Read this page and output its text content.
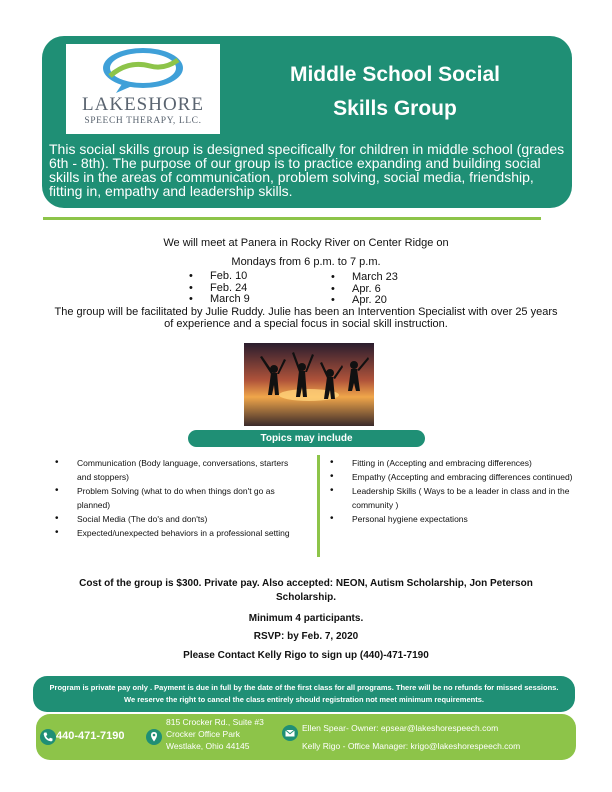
LAKESHORE
SPEECH THERAPY, LLC.
Middle School Social
Skills Group
This social skills group is designed specifically for children in middle school (grades 6th - 8th). The purpose of our group is to practice expanding and building social skills in the areas of communication, problem solving, social media, friendship, fitting in, empathy and leadership skills.
We will meet at Panera in Rocky River on Center Ridge on
Mondays from 6 p.m. to 7 p.m.
• Feb. 10
• Feb. 24
• March 9
• March 23
• Apr. 6
• Apr. 20
The group will be facilitated by Julie Ruddy. Julie has been an Intervention Specialist with over 25 years of experience and a special focus in social skill instruction.
Topics may include
• Communication (Body language, conversations, starters and stoppers)
• Problem Solving (what to do when things don't go as planned)
• Social Media (The do's and don'ts)
• Expected/unexpected behaviors in a professional setting
• Fitting in (Accepting and embracing differences)
• Empathy (Accepting and embracing differences continued)
• Leadership Skills ( Ways to be a leader in class and in the community )
• Personal hygiene expectations
Cost of the group is $300. Private pay. Also accepted: NEON, Autism Scholarship, Jon Peterson Scholarship.
Minimum 4 participants.
RSVP: by Feb. 7, 2020
Please Contact Kelly Rigo to sign up (440)-471-7190
Program is private pay only . Payment is due in full by the date of the first class for all programs. There will be no refunds for missed sessions. We reserve the right to cancel the class entirely should registration not meet minimum requirements.
440-471-7190
815 Crocker Rd., Suite #3
Crocker Office Park
Westlake, Ohio 44145
Ellen Spear- Owner: epsear@lakeshorespeech.com
Kelly Rigo - Office Manager: krigo@lakeshorespeech.com
